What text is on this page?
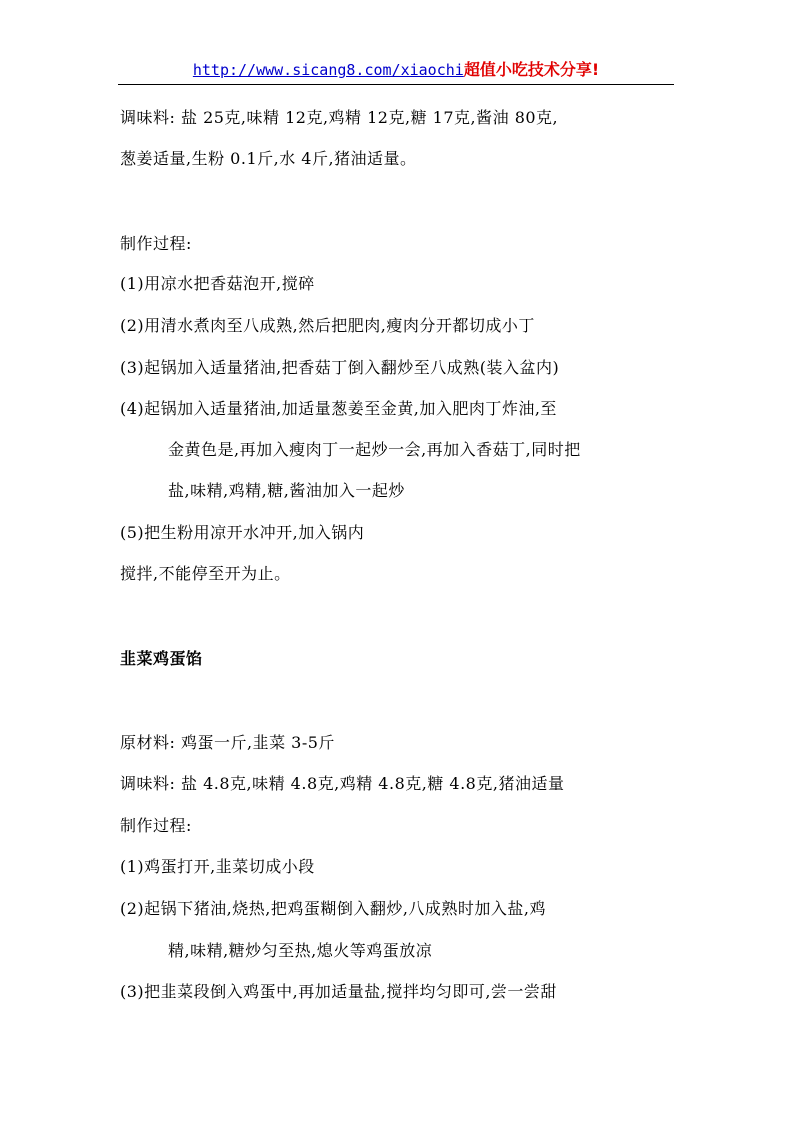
http://www.sicang8.com/xiaochi超值小吃技术分享!
调味料: 盐 25克,味精 12克,鸡精 12克,糖 17克,酱油 80克,
葱姜适量,生粉 0.1斤,水 4斤,猪油适量。
制作过程:
(1)用凉水把香菇泡开,搅碎
(2)用清水煮肉至八成熟,然后把肥肉,瘦肉分开都切成小丁
(3)起锅加入适量猪油,把香菇丁倒入翻炒至八成熟(装入盆内)
(4)起锅加入适量猪油,加适量葱姜至金黄,加入肥肉丁炸油,至
金黄色是,再加入瘦肉丁一起炒一会,再加入香菇丁,同时把
盐,味精,鸡精,糖,酱油加入一起炒
(5)把生粉用凉开水冲开,加入锅内
搅拌,不能停至开为止。
韭菜鸡蛋馅
原材料: 鸡蛋一斤,韭菜 3-5斤
调味料: 盐 4.8克,味精 4.8克,鸡精 4.8克,糖 4.8克,猪油适量
制作过程:
(1)鸡蛋打开,韭菜切成小段
(2)起锅下猪油,烧热,把鸡蛋糊倒入翻炒,八成熟时加入盐,鸡
精,味精,糖炒匀至热,熄火等鸡蛋放凉
(3)把韭菜段倒入鸡蛋中,再加适量盐,搅拌均匀即可,尝一尝甜
